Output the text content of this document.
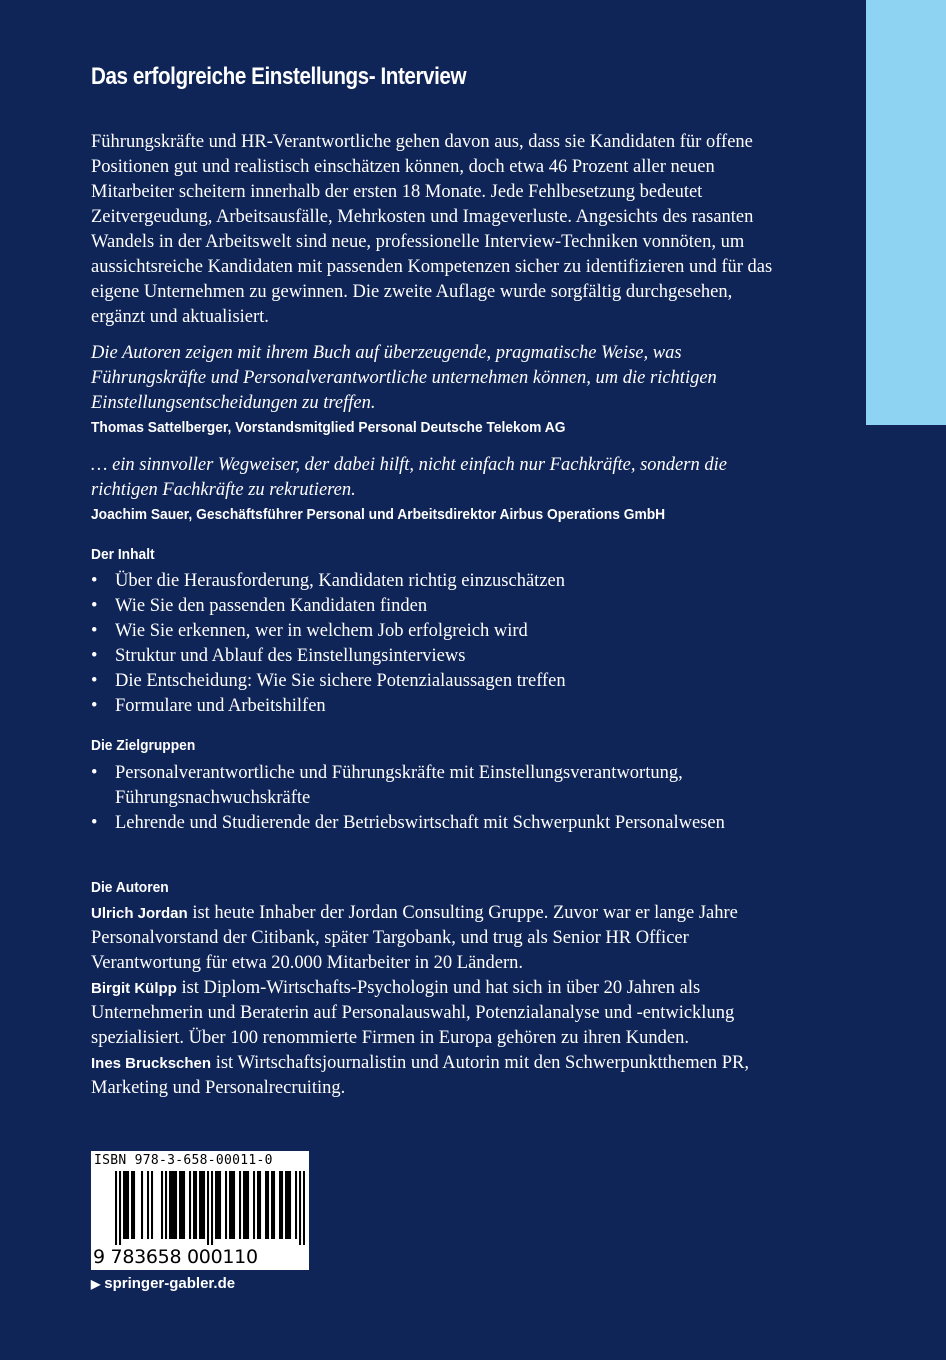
Das erfolgreiche Einstellungs- Interview

Führungskräfte und HR-Verantwortliche gehen davon aus, dass sie Kandidaten für offene Positionen gut und realistisch einschätzen können, doch etwa 46 Prozent aller neuen Mitarbeiter scheitern innerhalb der ersten 18 Monate. Jede Fehlbesetzung bedeutet Zeitvergeudung, Arbeitsausfälle, Mehrkosten und Imageverluste. Angesichts des rasanten Wandels in der Arbeitswelt sind neue, professionelle Interview-Techniken vonnöten, um aussichtsreiche Kandidaten mit passenden Kompetenzen sicher zu identifizieren und für das eigene Unternehmen zu gewinnen. Die zweite Auflage wurde sorgfältig durchgesehen, ergänzt und aktualisiert.

Die Autoren zeigen mit ihrem Buch auf überzeugende, pragmatische Weise, was Führungskräfte und Personalverantwortliche unternehmen können, um die richtigen Einstellungsentscheidungen zu treffen.

Thomas Sattelberger, Vorstandsmitglied Personal Deutsche Telekom AG

… ein sinnvoller Wegweiser, der dabei hilft, nicht einfach nur Fachkräfte, sondern die richtigen Fachkräfte zu rekrutieren.

Joachim Sauer, Geschäftsführer Personal und Arbeitsdirektor Airbus Operations GmbH
Der Inhalt
• Über die Herausforderung, Kandidaten richtig einzuschätzen
• Wie Sie den passenden Kandidaten finden
• Wie Sie erkennen, wer in welchem Job erfolgreich wird
• Struktur und Ablauf des Einstellungsinterviews
• Die Entscheidung: Wie Sie sichere Potenzialaussagen treffen
• Formulare und Arbeitshilfen
Die Zielgruppen
• Personalverantwortliche und Führungskräfte mit Einstellungsverantwortung, Führungsnachwuchskräfte
• Lehrende und Studierende der Betriebswirtschaft mit Schwerpunkt Personalwesen
Die Autoren
Ulrich Jordan ist heute Inhaber der Jordan Consulting Gruppe. Zuvor war er lange Jahre Personalvorstand der Citibank, später Targobank, und trug als Senior HR Officer Verantwortung für etwa 20.000 Mitarbeiter in 20 Ländern.
Birgit Külpp ist Diplom-Wirtschafts-Psychologin und hat sich in über 20 Jahren als Unternehmerin und Beraterin auf Personalauswahl, Potenzialanalyse und -entwicklung spezialisiert. Über 100 renommierte Firmen in Europa gehören zu ihren Kunden.
Ines Bruckschen ist Wirtschaftsjournalistin und Autorin mit den Schwerpunktthemen PR, Marketing und Personalrecruiting.
ISBN 978-3-658-00011-0
9 783658 000110
▶ springer-gabler.de
